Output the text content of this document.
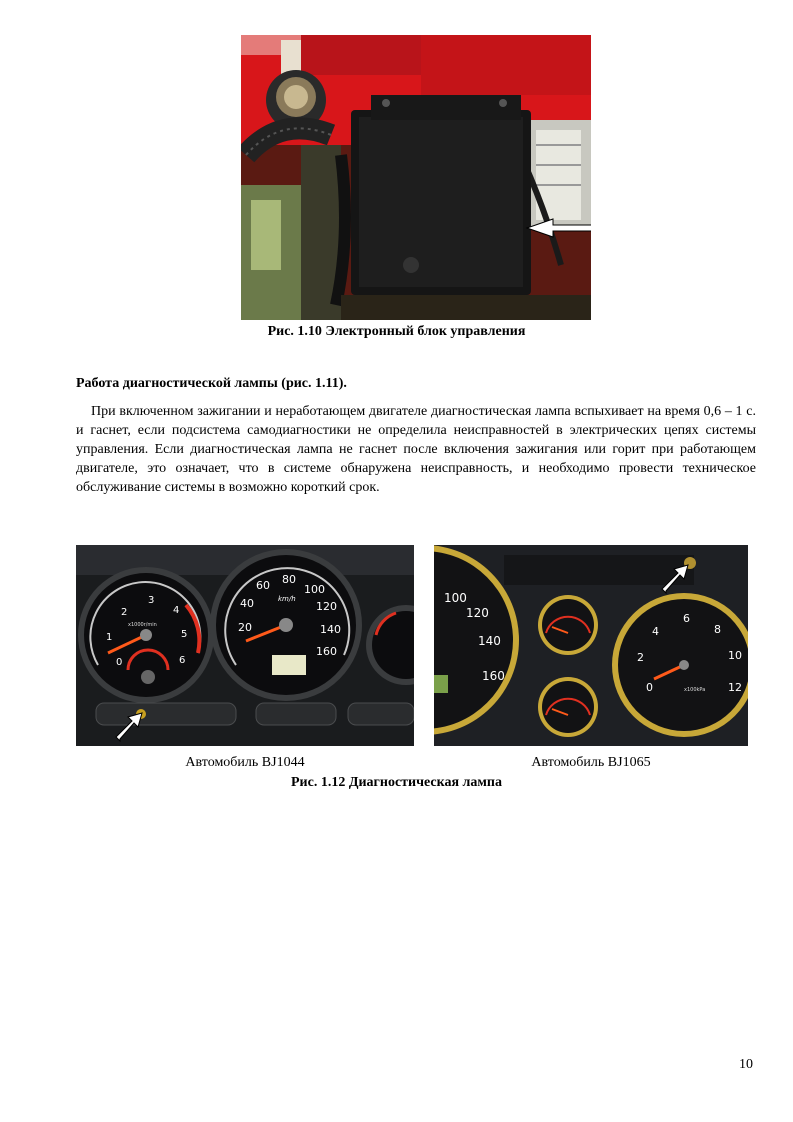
Рис. 1.10 Электронный блок управления
Работа диагностической лампы (рис. 1.11).
При включенном зажигании и неработающем двигателе диагностическая лампа вспыхивает на время 0,6 – 1 с. и гаснет, если подсистема самодиагностики не определила неисправностей в электрических цепях системы управления. Если диагностическая лампа не гаснет после включения зажигания или горит при работающем двигателе, это означает, что в системе обнаружена неисправность, и необходимо провести техническое обслуживание системы в возможно короткий срок.
0
1
2
3
4
5
6
x1000r/min	20
40
60 80
100
120
140
160
km/h	100
120
140
160
0
2
4
6
8
10
12
x100kPa
Автомобиль BJ1044	Автомобиль BJ1065
Рис. 1.12 Диагностическая лампа
10
